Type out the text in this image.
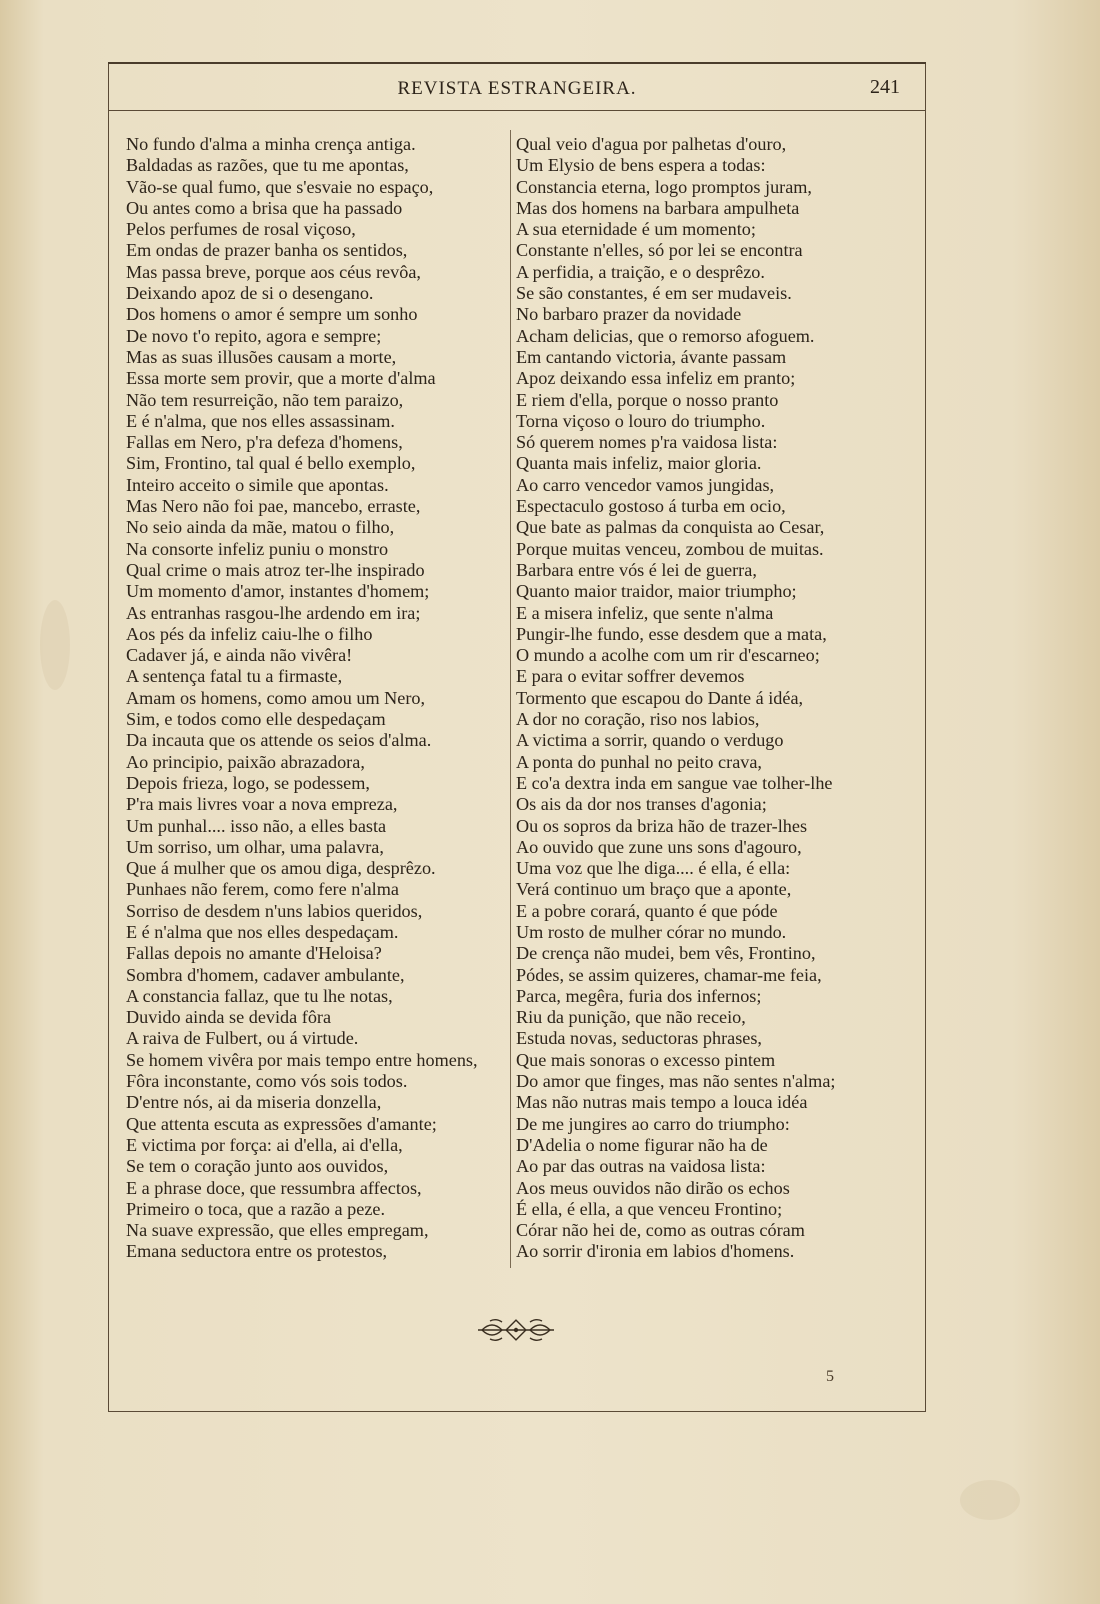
REVISTA ESTRANGEIRA.	241
No fundo d'alma a minha crença antiga.
Baldadas as razões, que tu me apontas,
Vão-se qual fumo, que s'esvaie no espaço,
Ou antes como a brisa que ha passado
Pelos perfumes de rosal viçoso,
Em ondas de prazer banha os sentidos,
Mas passa breve, porque aos céus revôa,
Deixando apoz de si o desengano.
Dos homens o amor é sempre um sonho
De novo t'o repito, agora e sempre;
Mas as suas illusões causam a morte,
Essa morte sem provir, que a morte d'alma
Não tem resurreição, não tem paraizo,
E é n'alma, que nos elles assassinam.
Fallas em Nero, p'ra defeza d'homens,
Sim, Frontino, tal qual é bello exemplo,
Inteiro acceito o simile que apontas.
Mas Nero não foi pae, mancebo, erraste,
No seio ainda da mãe, matou o filho,
Na consorte infeliz puniu o monstro
Qual crime o mais atroz ter-lhe inspirado
Um momento d'amor, instantes d'homem;
As entranhas rasgou-lhe ardendo em ira;
Aos pés da infeliz caiu-lhe o filho
Cadaver já, e ainda não vivêra!
A sentença fatal tu a firmaste,
Amam os homens, como amou um Nero,
Sim, e todos como elle despedaçam
Da incauta que os attende os seios d'alma.
Ao principio, paixão abrazadora,
Depois frieza, logo, se podessem,
P'ra mais livres voar a nova empreza,
Um punhal.... isso não, a elles basta
Um sorriso, um olhar, uma palavra,
Que á mulher que os amou diga, desprêzo.
Punhaes não ferem, como fere n'alma
Sorriso de desdem n'uns labios queridos,
E é n'alma que nos elles despedaçam.
Fallas depois no amante d'Heloisa?
Sombra d'homem, cadaver ambulante,
A constancia fallaz, que tu lhe notas,
Duvido ainda se devida fôra
A raiva de Fulbert, ou á virtude.
Se homem vivêra por mais tempo entre homens,
Fôra inconstante, como vós sois todos.
D'entre nós, ai da miseria donzella,
Que attenta escuta as expressões d'amante;
E victima por força: ai d'ella, ai d'ella,
Se tem o coração junto aos ouvidos,
E a phrase doce, que ressumbra affectos,
Primeiro o toca, que a razão a peze.
Na suave expressão, que elles empregam,
Emana seductora entre os protestos,
Qual veio d'agua por palhetas d'ouro,
Um Elysio de bens espera a todas:
Constancia eterna, logo promptos juram,
Mas dos homens na barbara ampulheta
A sua eternidade é um momento;
Constante n'elles, só por lei se encontra
A perfidia, a traição, e o desprêzo.
Se são constantes, é em ser mudaveis.
No barbaro prazer da novidade
Acham delicias, que o remorso afoguem.
Em cantando victoria, ávante passam
Apoz deixando essa infeliz em pranto;
E riem d'ella, porque o nosso pranto
Torna viçoso o louro do triumpho.
Só querem nomes p'ra vaidosa lista:
Quanta mais infeliz, maior gloria.
Ao carro vencedor vamos jungidas,
Espectaculo gostoso á turba em ocio,
Que bate as palmas da conquista ao Cesar,
Porque muitas venceu, zombou de muitas.
Barbara entre vós é lei de guerra,
Quanto maior traidor, maior triumpho;
E a misera infeliz, que sente n'alma
Pungir-lhe fundo, esse desdem que a mata,
O mundo a acolhe com um rir d'escarneo;
E para o evitar soffrer devemos
Tormento que escapou do Dante á idéa,
A dor no coração, riso nos labios,
A victima a sorrir, quando o verdugo
A ponta do punhal no peito crava,
E co'a dextra inda em sangue vae tolher-lhe
Os ais da dor nos transes d'agonia;
Ou os sopros da briza hão de trazer-lhes
Ao ouvido que zune uns sons d'agouro,
Uma voz que lhe diga.... é ella, é ella:
Verá continuo um braço que a aponte,
E a pobre corará, quanto é que póde
Um rosto de mulher córar no mundo.
De crença não mudei, bem vês, Frontino,
Pódes, se assim quizeres, chamar-me feia,
Parca, megêra, furia dos infernos;
Riu da punição, que não receio,
Estuda novas, seductoras phrases,
Que mais sonoras o excesso pintem
Do amor que finges, mas não sentes n'alma;
Mas não nutras mais tempo a louca idéa
De me jungires ao carro do triumpho:
D'Adelia o nome figurar não ha de
Ao par das outras na vaidosa lista:
Aos meus ouvidos não dirão os echos
É ella, é ella, a que venceu Frontino;
Córar não hei de, como as outras córam
Ao sorrir d'ironia em labios d'homens.
5
